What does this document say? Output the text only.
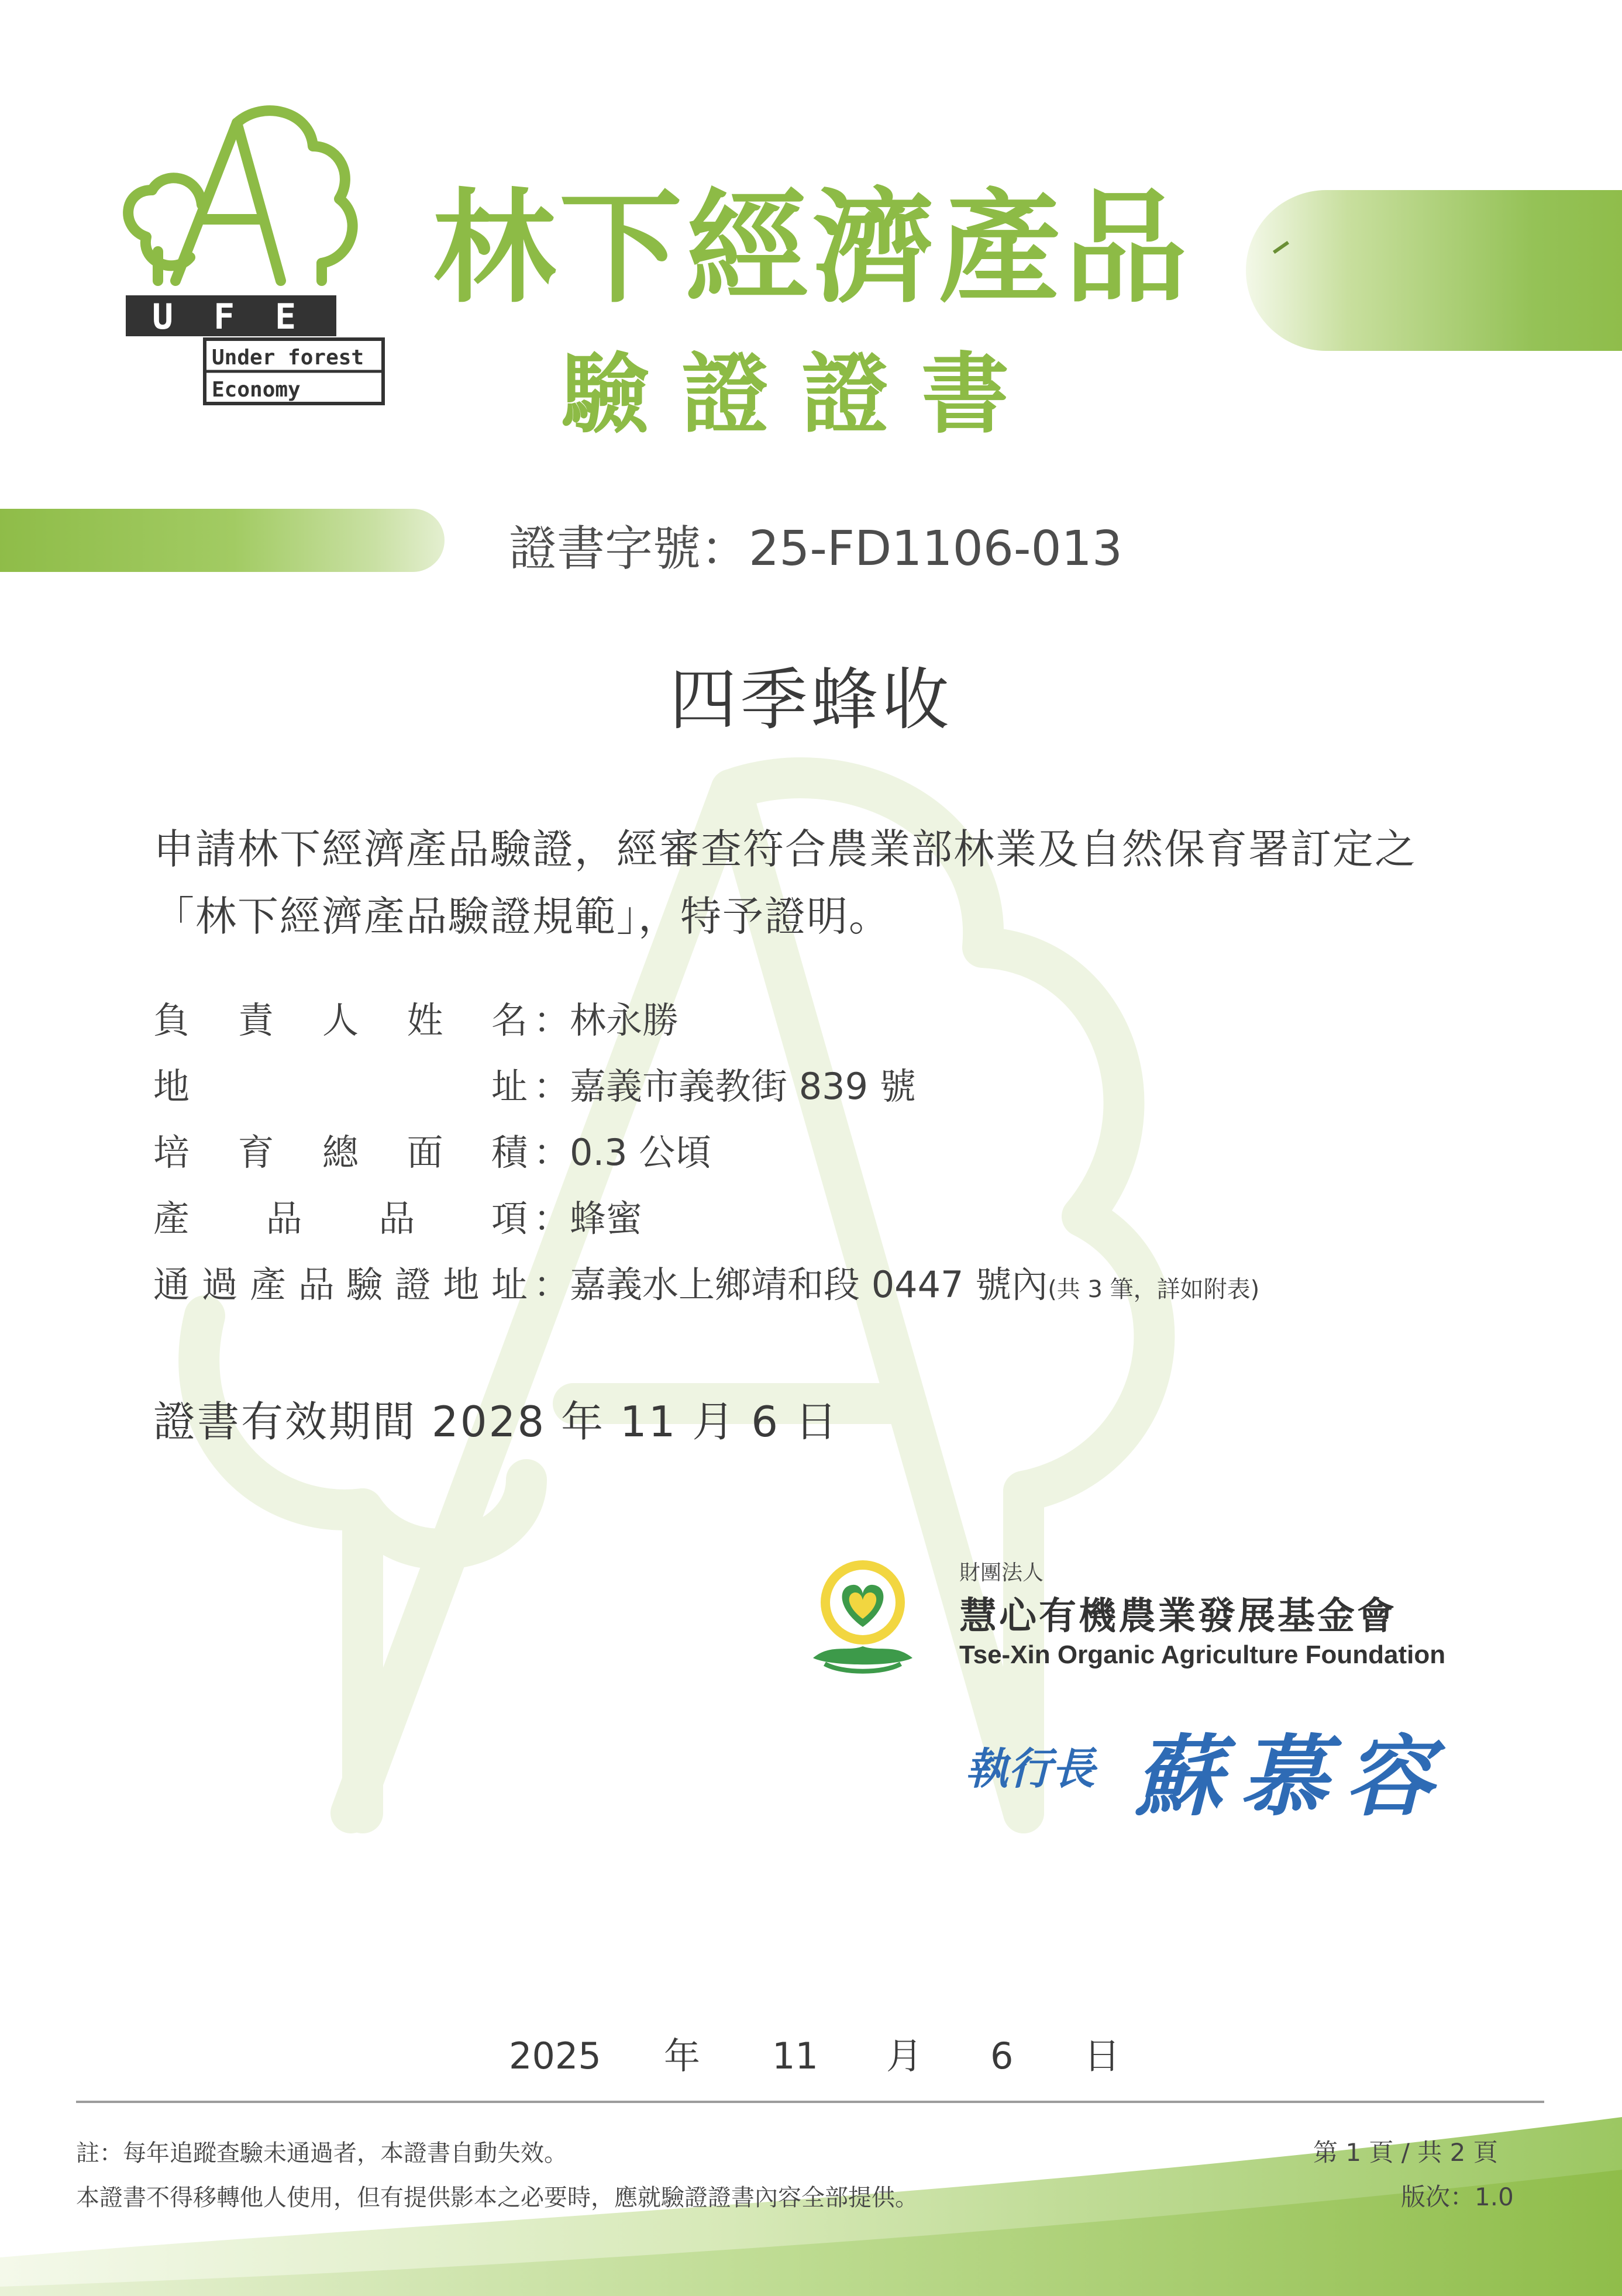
U F E
Under forest
Economy
林下經濟產品
驗證證書
證書字號：25-FD1106-013
四季蜂收

申請林下經濟產品驗證，經審查符合農業部林業及自然保育署訂定之

「林下經濟產品驗證規範」，特予證明。

負責人姓名 ： 林永勝
地址 ： 嘉義市義教街 839 號
培育總面積 ： 0.3 公頃
產品品項 ： 蜂蜜
通過產品驗證地址 ： 嘉義水上鄉靖和段 0447 號內(共 3 筆，詳如附表)
證書有效期間 2028 年 11 月 6 日
財團法人
慧心有機農業發展基金會
Tse-Xin Organic Agriculture Foundation
執行長 蘇慕容
2025 年 11 月 6 日
註：每年追蹤查驗未通過者，本證書自動失效。
本證書不得移轉他人使用，但有提供影本之必要時，應就驗證證書內容全部提供。
第 1 頁 / 共 2 頁
版次：1.0
